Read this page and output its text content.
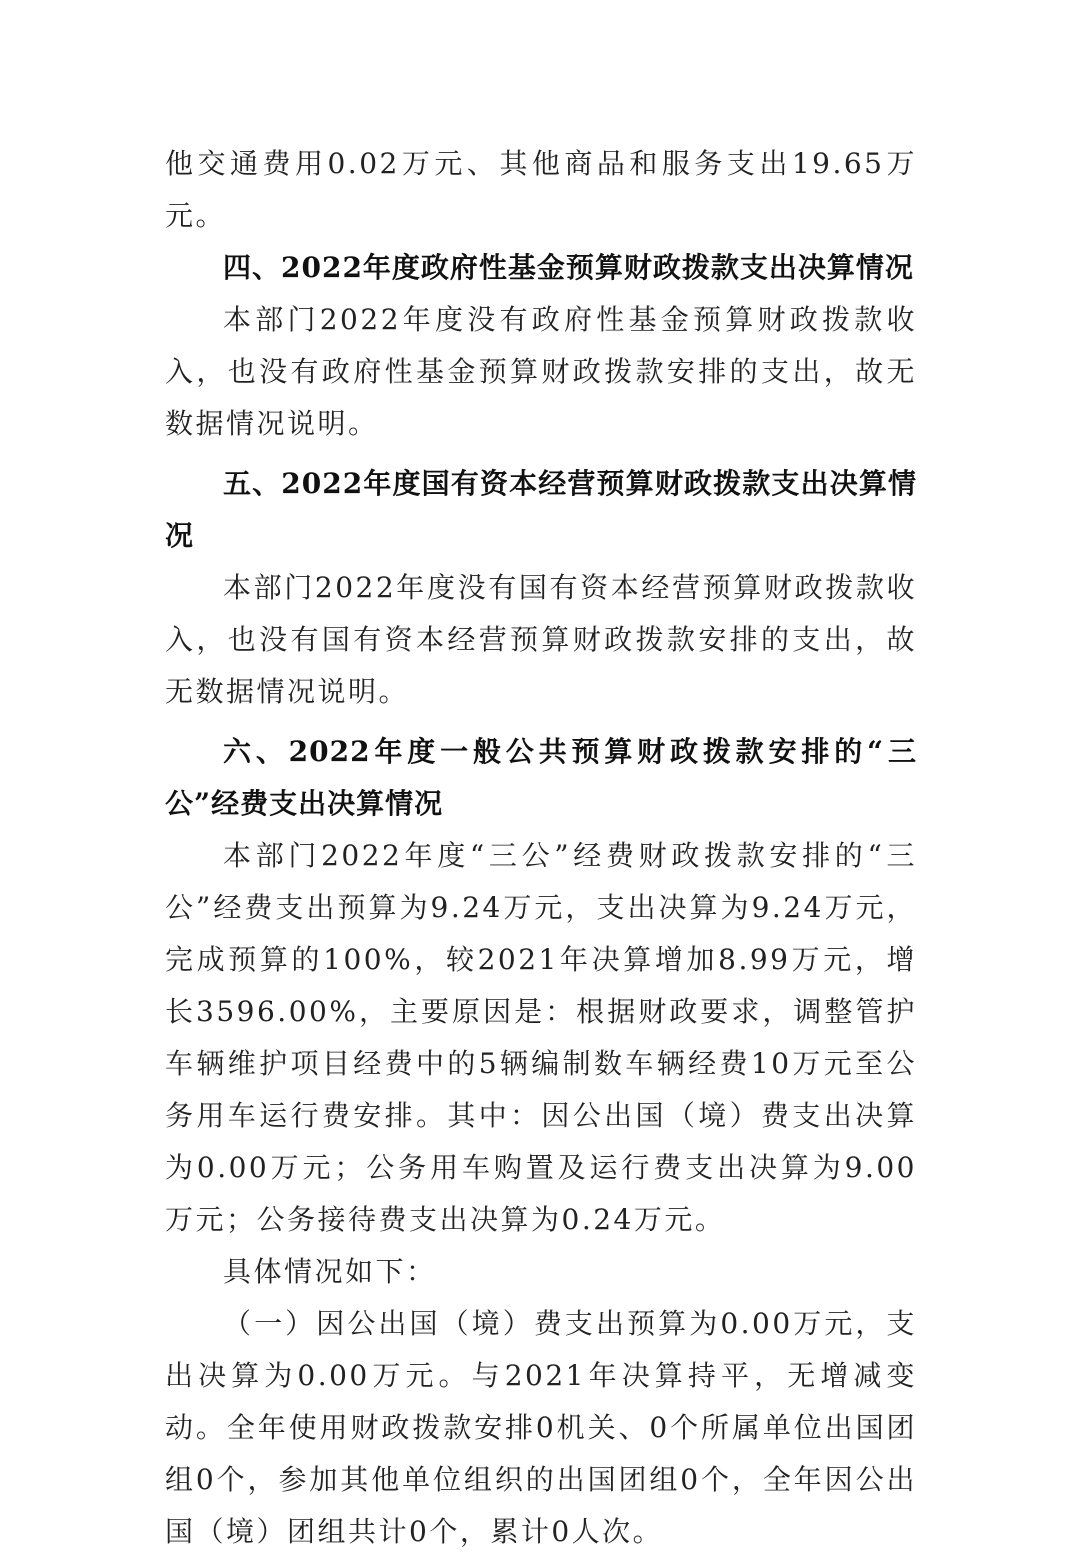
他交通费用0.02万元、其他商品和服务支出19.65万元。

四、2022年度政府性基金预算财政拨款支出决算情况

本部门2022年度没有政府性基金预算财政拨款收入，也没有政府性基金预算财政拨款安排的支出，故无数据情况说明。

五、2022年度国有资本经营预算财政拨款支出决算情况

本部门2022年度没有国有资本经营预算财政拨款收入，也没有国有资本经营预算财政拨款安排的支出，故无数据情况说明。

六、2022年度一般公共预算财政拨款安排的“三公”经费支出决算情况

本部门2022年度“三公”经费财政拨款安排的“三公”经费支出预算为9.24万元，支出决算为9.24万元，完成预算的100%，较2021年决算增加8.99万元，增长3596.00%，主要原因是：根据财政要求，调整管护车辆维护项目经费中的5辆编制数车辆经费10万元至公务用车运行费安排。其中：因公出国（境）费支出决算为0.00万元；公务用车购置及运行费支出决算为9.00万元；公务接待费支出决算为0.24万元。

具体情况如下：

（一）因公出国（境）费支出预算为0.00万元，支出决算为0.00万元。与2021年决算持平，无增减变动。全年使用财政拨款安排0机关、0个所属单位出国团组0个，参加其他单位组织的出国团组0个，全年因公出国（境）团组共计0个，累计0人次。
